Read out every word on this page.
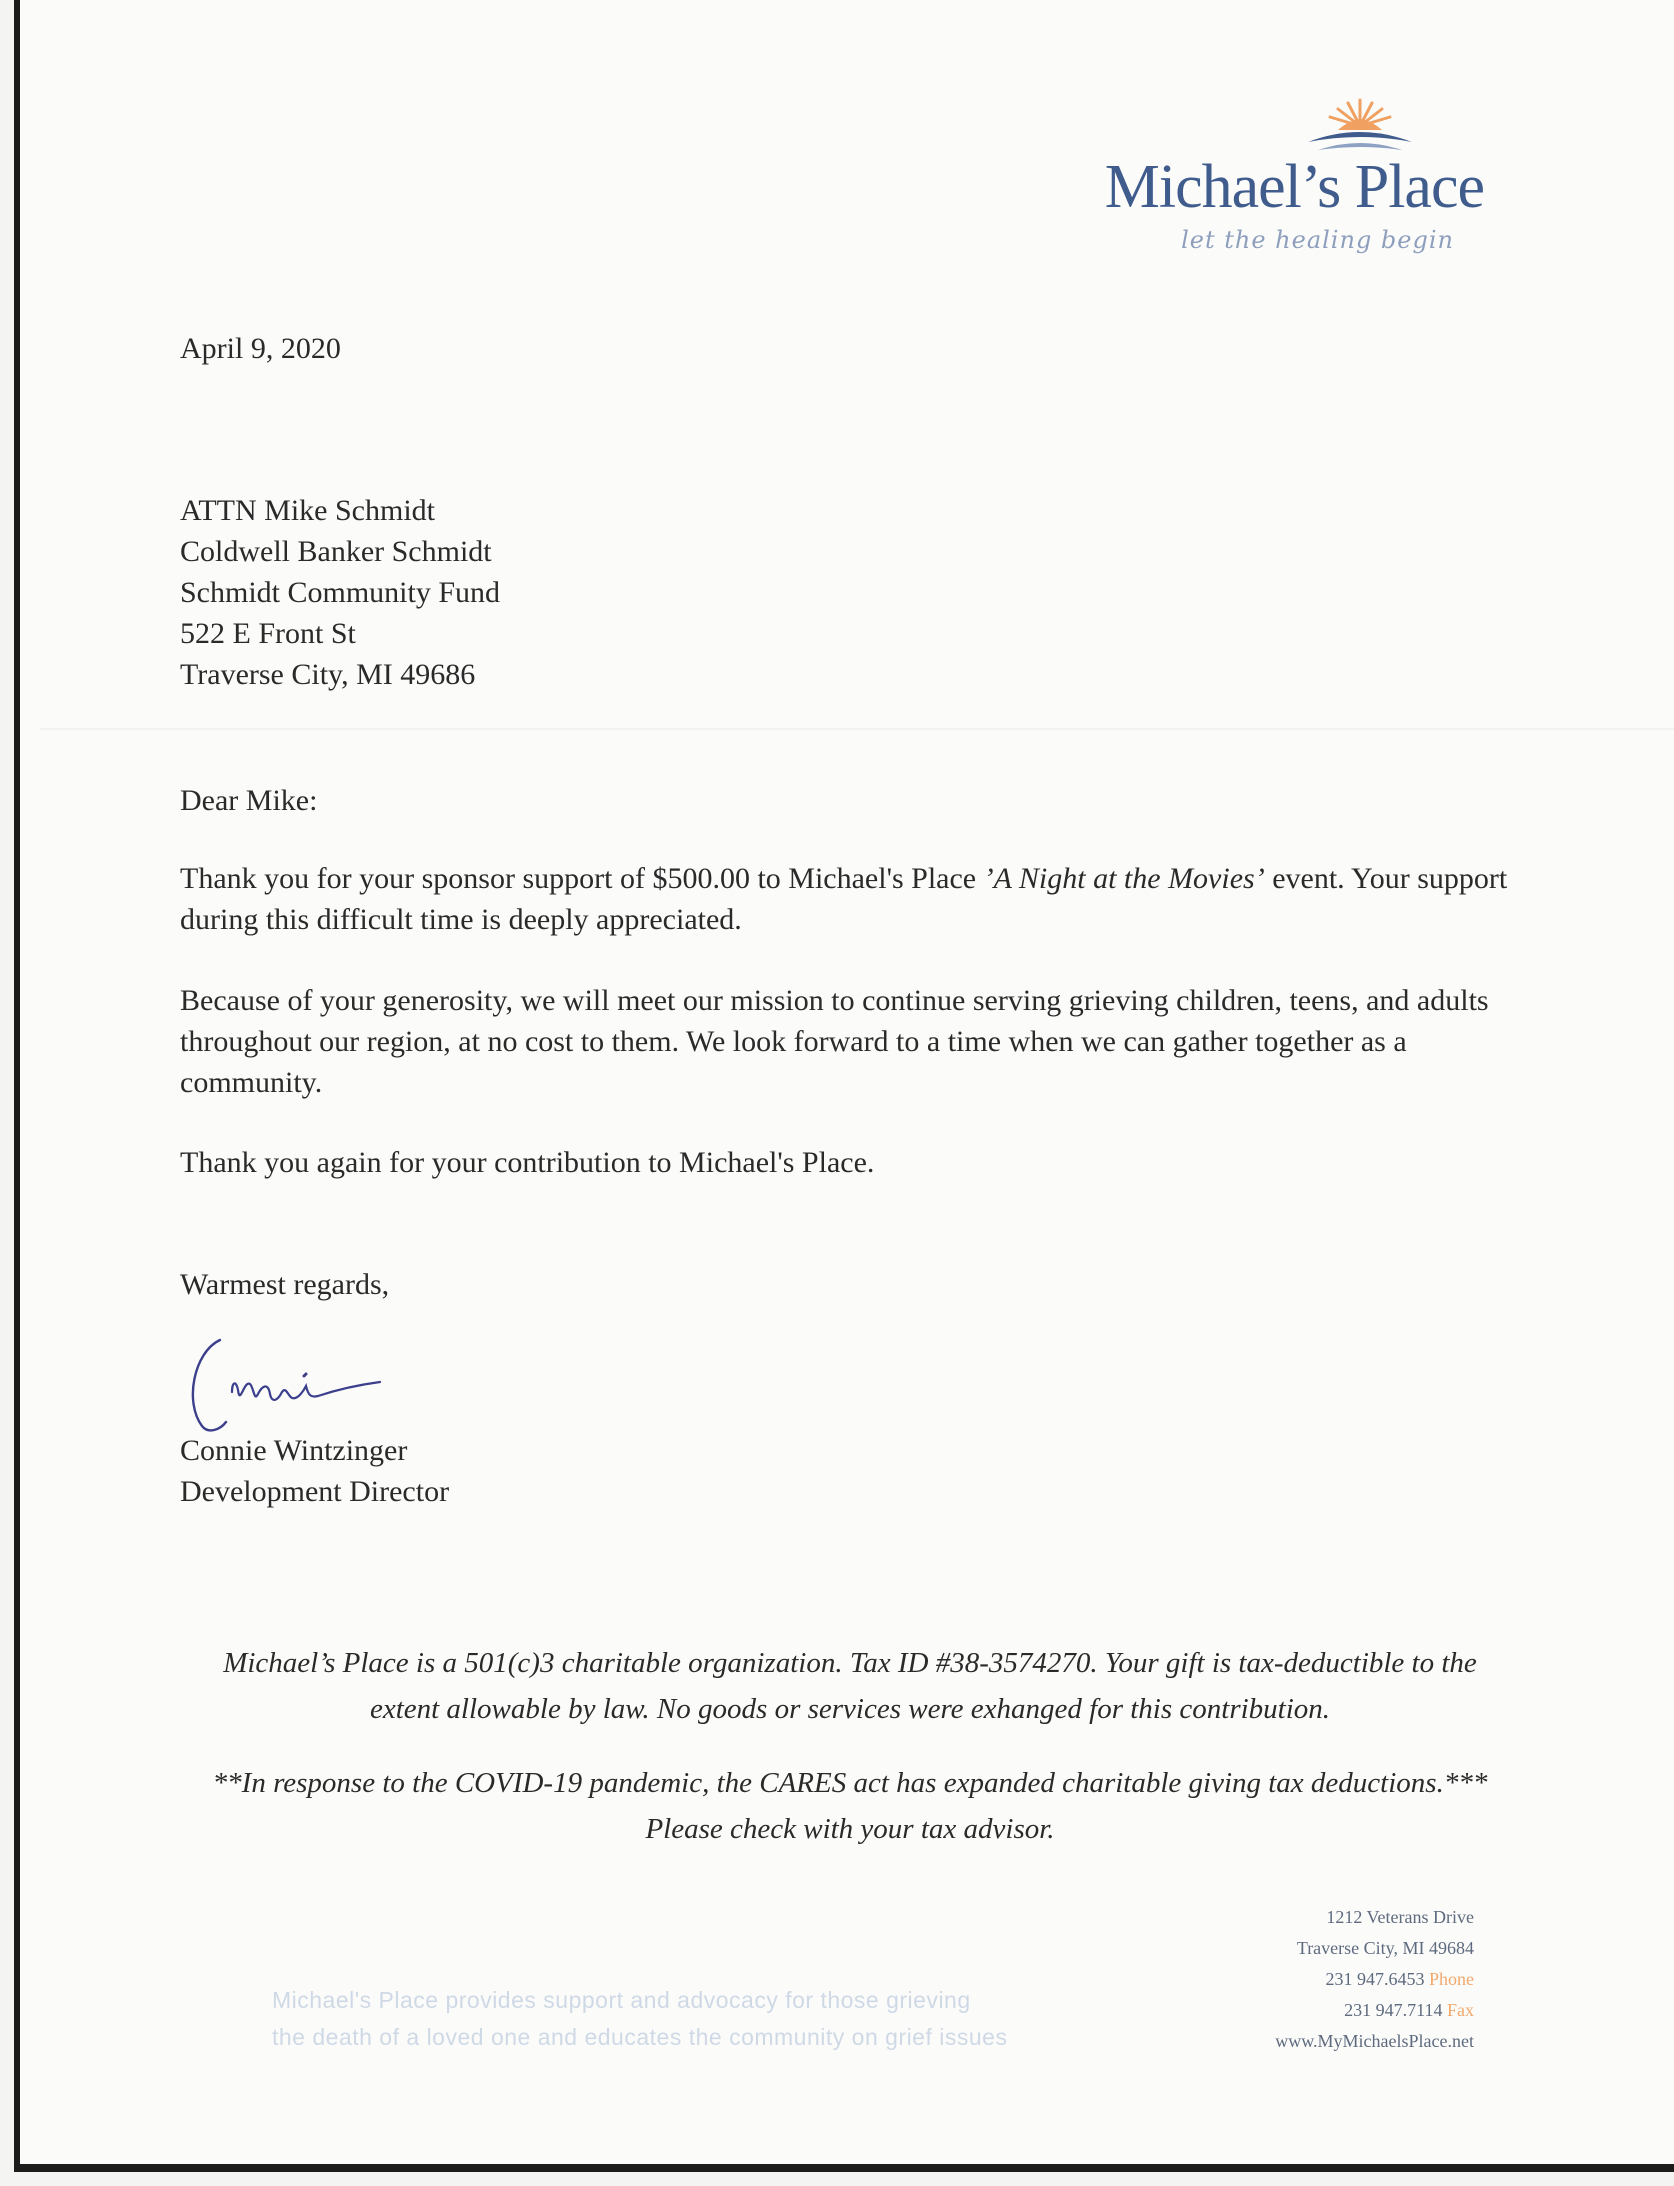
Michael’s Place
let the healing begin
April 9, 2020
ATTN Mike Schmidt
Coldwell Banker Schmidt
Schmidt Community Fund
522 E Front St
Traverse City, MI 49686
Dear Mike:
Thank you for your sponsor support of $500.00 to Michael's Place ’A Night at the Movies’ event. Your support during this difficult time is deeply appreciated.
Because of your generosity, we will meet our mission to continue serving grieving children, teens, and adults throughout our region, at no cost to them. We look forward to a time when we can gather together as a community.
Thank you again for your contribution to Michael's Place.
Warmest regards,
Connie Wintzinger
Development Director
Michael’s Place is a 501(c)3 charitable organization. Tax ID #38-3574270. Your gift is tax-deductible to the
extent allowable by law. No goods or services were exhanged for this contribution.
**In response to the COVID-19 pandemic, the CARES act has expanded charitable giving tax deductions.***
Please check with your tax advisor.
Michael's Place provides support and advocacy for those grieving
the death of a loved one and educates the community on grief issues
1212 Veterans Drive
Traverse City, MI 49684
231 947.6453 Phone
231 947.7114 Fax
www.MyMichaelsPlace.net
